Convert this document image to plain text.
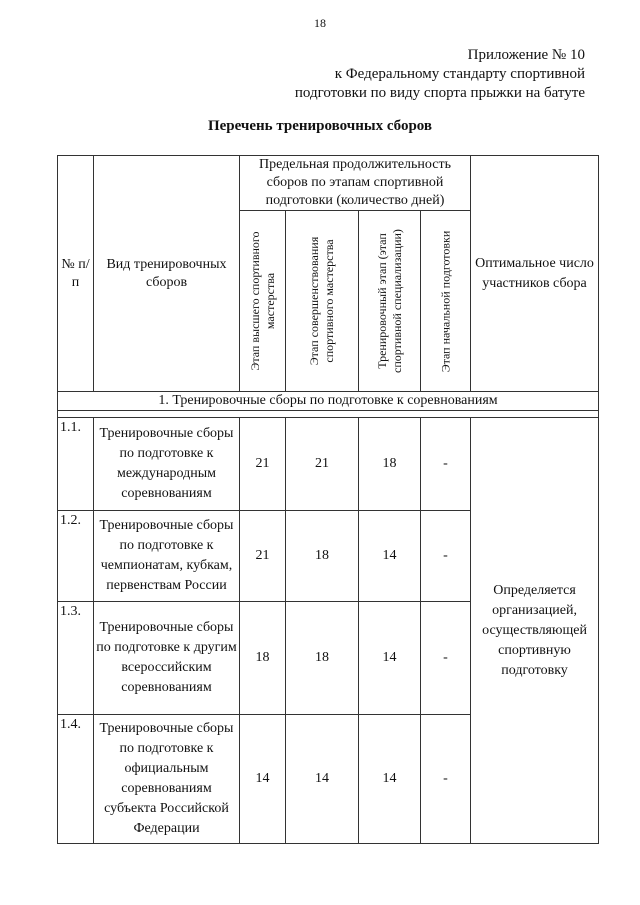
18
Приложение № 10
к Федеральному стандарту спортивной
подготовки по виду спорта прыжки на батуте
Перечень тренировочных сборов
№ п/п	Вид тренировочных сборов	Предельная продолжительность сборов по этапам спортивной подготовки (количество дней)				Оптимальное число участников сбора

		Этап высшего спортивного мастерства	Этап совершенствования спортивного мастерства	Тренировочный этап (этап спортивной специализации)	Этап начальной подготовки	

1. Тренировочные сборы по подготовке к соревнованиям						

1.1.	Тренировочные сборы по подготовке к международным соревнованиям	21	21	18	-	Определяется организацией, осуществляющей спортивную подготовку
1.2.	Тренировочные сборы по подготовке к чемпионатам, кубкам, первенствам России	21	18	14	-	
1.3.	Тренировочные сборы по подготовке к другим всероссийским соревнованиям	18	18	14	-	
1.4.	Тренировочные сборы по подготовке к официальным соревнованиям субъекта Российской Федерации	14	14	14	-	
